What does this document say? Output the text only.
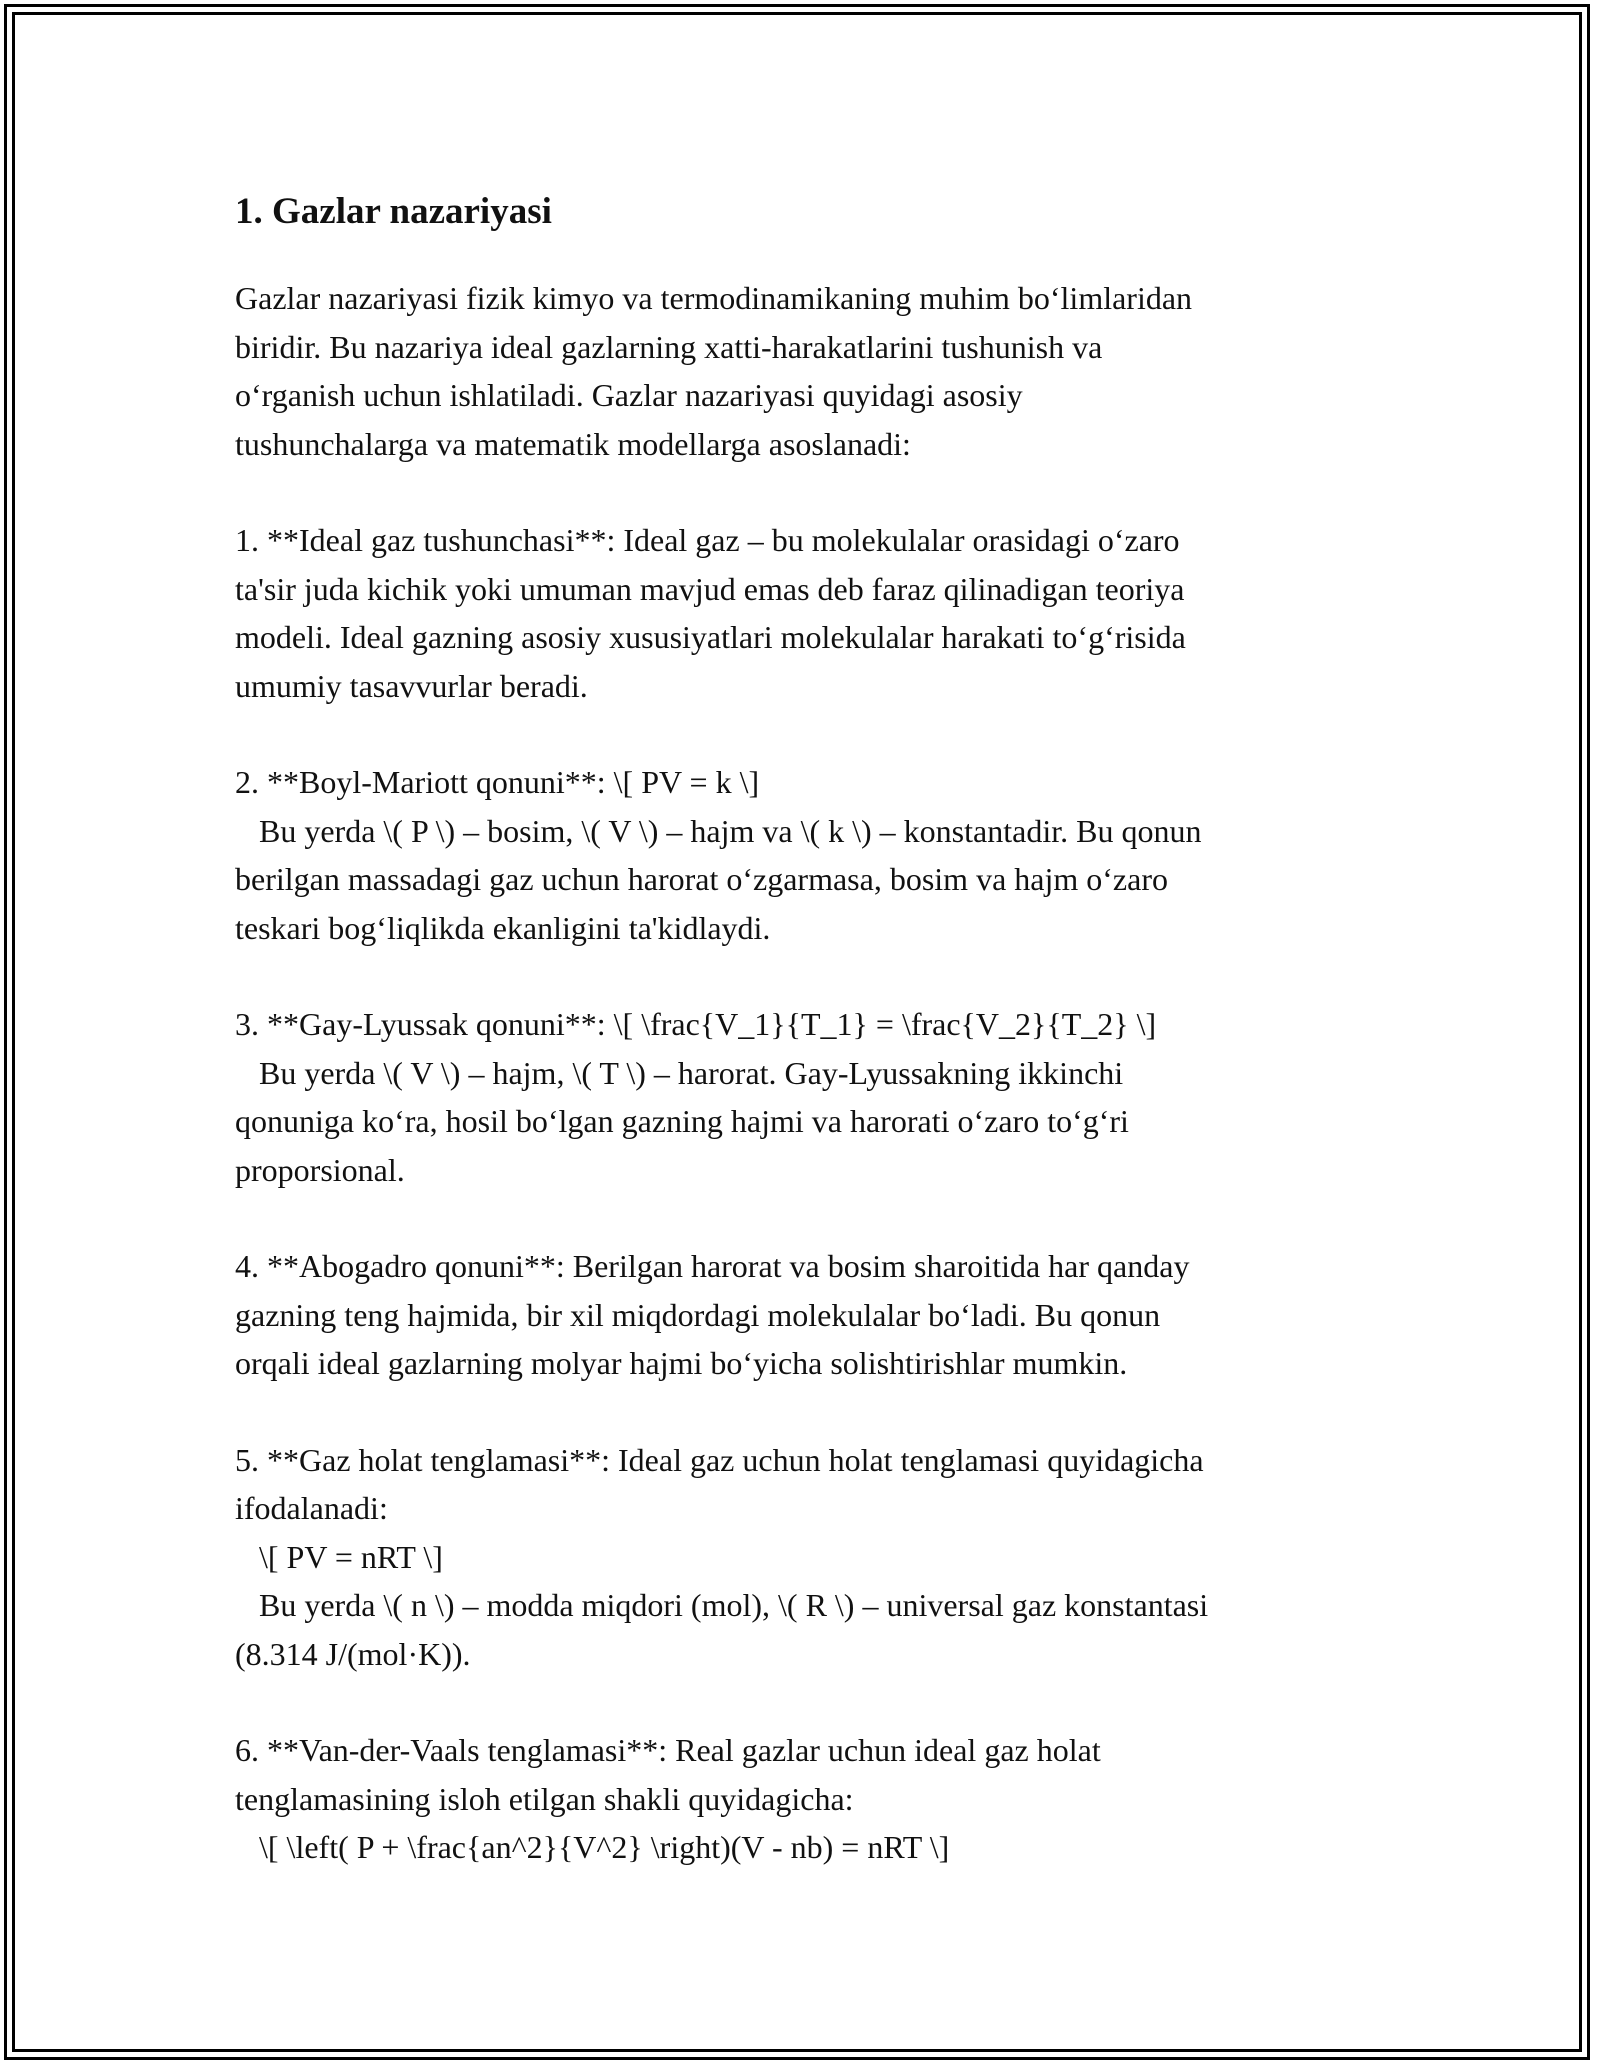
1. Gazlar nazariyasi

Gazlar nazariyasi fizik kimyo va termodinamikaning muhim bo‘limlaridan
biridir. Bu nazariya ideal gazlarning xatti-harakatlarini tushunish va
o‘rganish uchun ishlatiladi. Gazlar nazariyasi quyidagi asosiy
tushunchalarga va matematik modellarga asoslanadi:

1. **Ideal gaz tushunchasi**: Ideal gaz – bu molekulalar orasidagi o‘zaro
ta'sir juda kichik yoki umuman mavjud emas deb faraz qilinadigan teoriya
modeli. Ideal gazning asosiy xususiyatlari molekulalar harakati to‘g‘risida
umumiy tasavvurlar beradi.

2. **Boyl-Mariott qonuni**: \[ PV = k \]
Bu yerda \( P \) – bosim, \( V \) – hajm va \( k \) – konstantadir. Bu qonun
berilgan massadagi gaz uchun harorat o‘zgarmasa, bosim va hajm o‘zaro
teskari bog‘liqlikda ekanligini ta'kidlaydi.

3. **Gay-Lyussak qonuni**: \[ \frac{V_1}{T_1} = \frac{V_2}{T_2} \]
Bu yerda \( V \) – hajm, \( T \) – harorat. Gay-Lyussakning ikkinchi
qonuniga ko‘ra, hosil bo‘lgan gazning hajmi va harorati o‘zaro to‘g‘ri
proporsional.

4. **Abogadro qonuni**: Berilgan harorat va bosim sharoitida har qanday
gazning teng hajmida, bir xil miqdordagi molekulalar bo‘ladi. Bu qonun
orqali ideal gazlarning molyar hajmi bo‘yicha solishtirishlar mumkin.

5. **Gaz holat tenglamasi**: Ideal gaz uchun holat tenglamasi quyidagicha
ifodalanadi:
\[ PV = nRT \]
Bu yerda \( n \) – modda miqdori (mol), \( R \) – universal gaz konstantasi
(8.314 J/(mol·K)).

6. **Van-der-Vaals tenglamasi**: Real gazlar uchun ideal gaz holat
tenglamasining isloh etilgan shakli quyidagicha:
\[ \left( P + \frac{an^2}{V^2} \right)(V - nb) = nRT \]
